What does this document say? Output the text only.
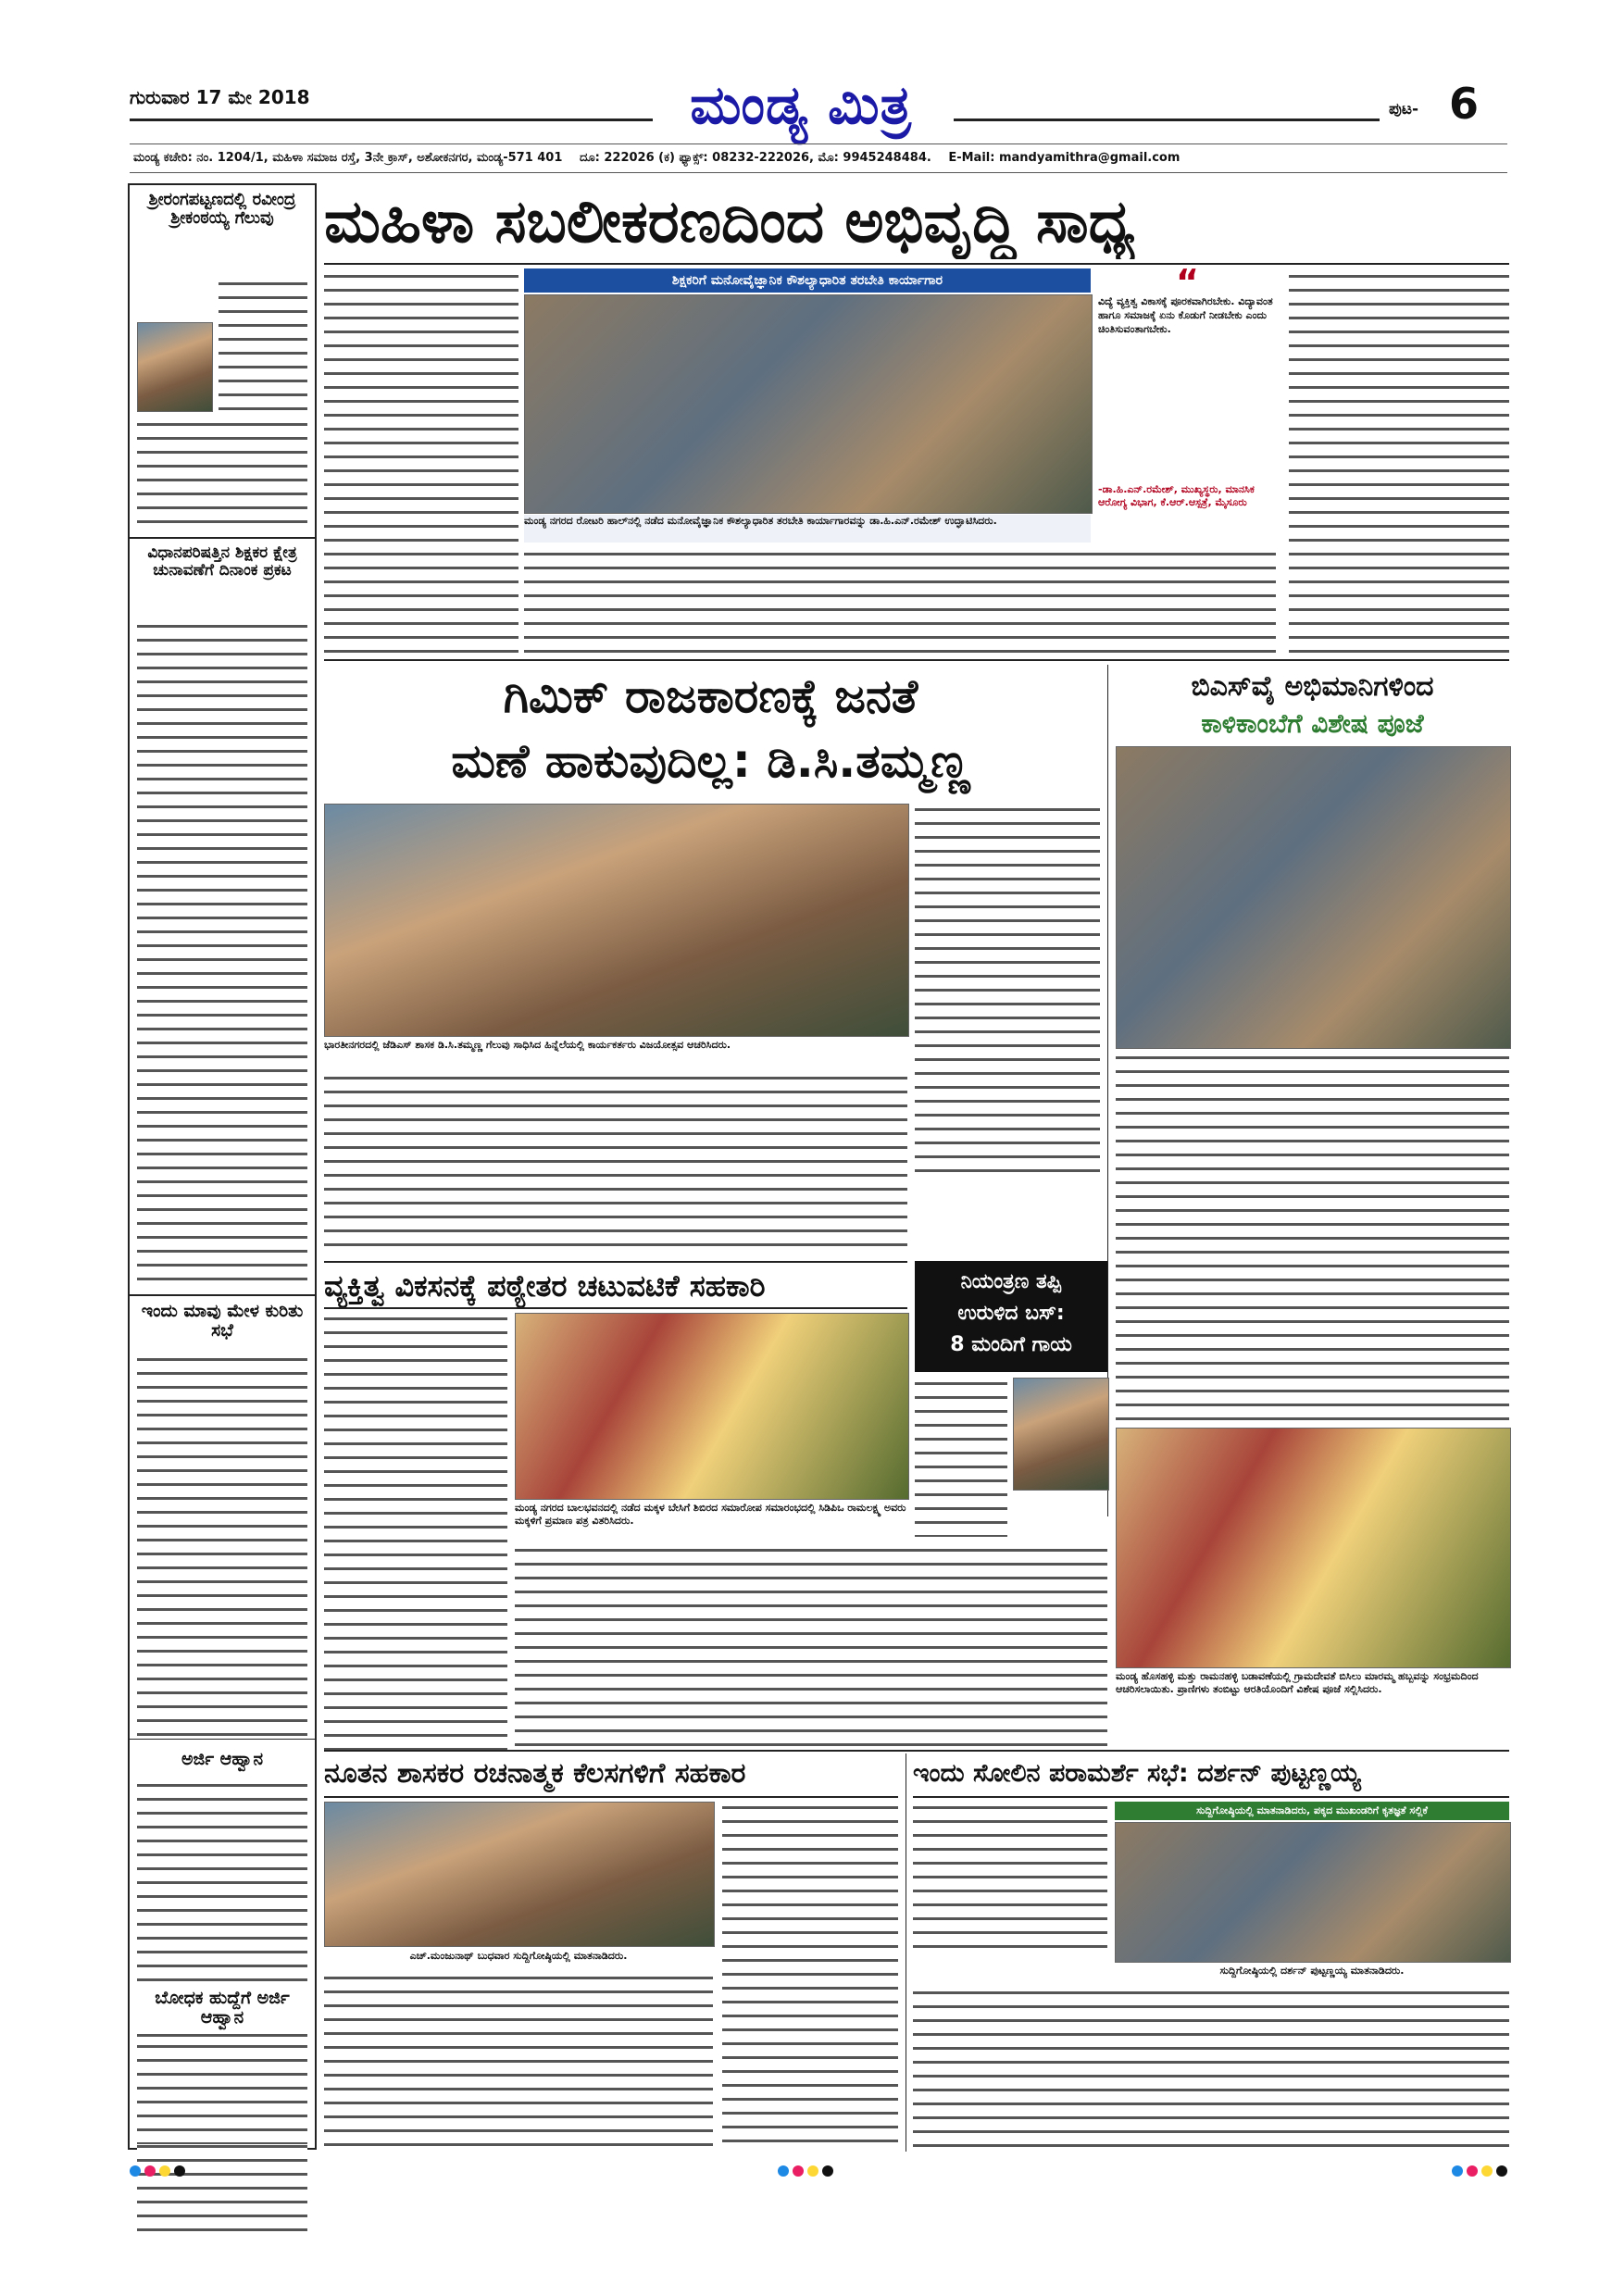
ಗುರುವಾರ 17 ಮೇ 2018	ಮಂಡ್ಯ ಮಿತ್ರ	ಪುಟ- 6
ಮಂಡ್ಯ ಕಚೇರಿ: ನಂ. 1204/1, ಮಹಿಳಾ ಸಮಾಜ ರಸ್ತೆ, 3ನೇ ಕ್ರಾಸ್, ಅಶೋಕನಗರ, ಮಂಡ್ಯ-571 401 ದೂ: 222026 (ಕ) ಫ್ಯಾಕ್ಸ್: 08232-222026, ಮೊ: 9945248484. E-Mail: mandyamithra@gmail.com
ಶ್ರೀರಂಗಪಟ್ಟಣದಲ್ಲಿ ರವೀಂದ್ರ ಶ್ರೀಕಂಠಯ್ಯ ಗೆಲುವು
ವಿಧಾನಪರಿಷತ್ತಿನ ಶಿಕ್ಷಕರ ಕ್ಷೇತ್ರ ಚುನಾವಣೆಗೆ ದಿನಾಂಕ ಪ್ರಕಟ
ಇಂದು ಮಾವು ಮೇಳ ಕುರಿತು ಸಭೆ
ಅರ್ಜಿ ಆಹ್ವಾನ
ಬೋಧಕ ಹುದ್ದೆಗೆ ಅರ್ಜಿ ಆಹ್ವಾನ
ಮಹಿಳಾ ಸಬಲೀಕರಣದಿಂದ ಅಭಿವೃದ್ಧಿ ಸಾಧ್ಯ
ಶಿಕ್ಷಕರಿಗೆ ಮನೋವೈಜ್ಞಾನಿಕ ಕೌಶಲ್ಯಾಧಾರಿತ ತರಬೇತಿ ಕಾರ್ಯಾಗಾರ
ಮಂಡ್ಯ ನಗರದ ರೋಟರಿ ಹಾಲ್‌ನಲ್ಲಿ ನಡೆದ ಮನೋವೈಜ್ಞಾನಿಕ ಕೌಶಲ್ಯಾಧಾರಿತ ತರಬೇತಿ ಕಾರ್ಯಾಗಾರವನ್ನು ಡಾ.ಹಿ.ಎನ್.ರಮೇಶ್ ಉದ್ಘಾಟಿಸಿದರು.
“
ವಿದ್ಯೆ ವ್ಯಕ್ತಿತ್ವ ವಿಕಾಸಕ್ಕೆ ಪೂರಕವಾಗಿರಬೇಕು. ವಿದ್ಯಾವಂತ ಹಾಗೂ ಸಮಾಜಕ್ಕೆ ಏನು ಕೊಡುಗೆ ನೀಡಬೇಕು ಎಂದು ಚಿಂತಿಸುವಂತಾಗಬೇಕು.
-ಡಾ.ಹಿ.ಎನ್.ರಮೇಶ್, ಮುಖ್ಯಸ್ಥರು, ಮಾನಸಿಕ ಆರೋಗ್ಯ ವಿಭಾಗ, ಕೆ.ಆರ್.ಆಸ್ಪತ್ರೆ, ಮೈಸೂರು
ಗಿಮಿಕ್ ರಾಜಕಾರಣಕ್ಕೆ ಜನತೆ
ಮಣೆ ಹಾಕುವುದಿಲ್ಲ: ಡಿ.ಸಿ.ತಮ್ಮಣ್ಣ
ಭಾರತೀನಗರದಲ್ಲಿ ಜೆಡಿಎಸ್ ಶಾಸಕ ಡಿ.ಸಿ.ತಮ್ಮಣ್ಣ ಗೆಲುವು ಸಾಧಿಸಿದ ಹಿನ್ನೆಲೆಯಲ್ಲಿ ಕಾರ್ಯಕರ್ತರು ವಿಜಯೋತ್ಸವ ಆಚರಿಸಿದರು.
ಬಿಎಸ್‌ವೈ ಅಭಿಮಾನಿಗಳಿಂದ
ಕಾಳಿಕಾಂಬೆಗೆ ವಿಶೇಷ ಪೂಜೆ
ವ್ಯಕ್ತಿತ್ವ ವಿಕಸನಕ್ಕೆ ಪಠ್ಯೇತರ ಚಟುವಟಿಕೆ ಸಹಕಾರಿ
ಮಂಡ್ಯ ನಗರದ ಬಾಲಭವನದಲ್ಲಿ ನಡೆದ ಮಕ್ಕಳ ಬೇಸಿಗೆ ಶಿಬಿರದ ಸಮಾರೋಪ ಸಮಾರಂಭದಲ್ಲಿ ಸಿಡಿಪಿಒ ರಾಮಲಕ್ಷ್ಮ ಅವರು ಮಕ್ಕಳಿಗೆ ಪ್ರಮಾಣ ಪತ್ರ ವಿತರಿಸಿದರು.
ನಿಯಂತ್ರಣ ತಪ್ಪಿ
ಉರುಳಿದ ಬಸ್:
8 ಮಂದಿಗೆ ಗಾಯ
ಮಂಡ್ಯ ಹೊಸಹಳ್ಳಿ ಮತ್ತು ರಾಮನಹಳ್ಳಿ ಬಡಾವಣೆಯಲ್ಲಿ ಗ್ರಾಮದೇವತೆ ಬಿಸಿಲು ಮಾರಮ್ಮ ಹಬ್ಬವನ್ನು ಸಂಭ್ರಮದಿಂದ ಆಚರಿಸಲಾಯಿತು. ಪ್ರಾಣಿಗಳು ತಂಬಿಟ್ಟು ಆರತಿಯೊಂದಿಗೆ ವಿಶೇಷ ಪೂಜೆ ಸಲ್ಲಿಸಿದರು.
ನೂತನ ಶಾಸಕರ ರಚನಾತ್ಮಕ ಕೆಲಸಗಳಿಗೆ ಸಹಕಾರ
ಎಚ್.ಮಂಜುನಾಥ್ ಬುಧವಾರ ಸುದ್ದಿಗೋಷ್ಠಿಯಲ್ಲಿ ಮಾತನಾಡಿದರು.
ಇಂದು ಸೋಲಿನ ಪರಾಮರ್ಶೆ ಸಭೆ: ದರ್ಶನ್ ಪುಟ್ಟಣ್ಣಯ್ಯ
ಸುದ್ದಿಗೋಷ್ಠಿಯಲ್ಲಿ ಮಾತನಾಡಿದರು, ಪಕ್ಕದ ಮುಖಂಡರಿಗೆ ಕೃತಜ್ಞತೆ ಸಲ್ಲಿಕೆ
ಸುದ್ದಿಗೋಷ್ಠಿಯಲ್ಲಿ ದರ್ಶನ್ ಪುಟ್ಟಣ್ಣಯ್ಯ ಮಾತನಾಡಿದರು.
